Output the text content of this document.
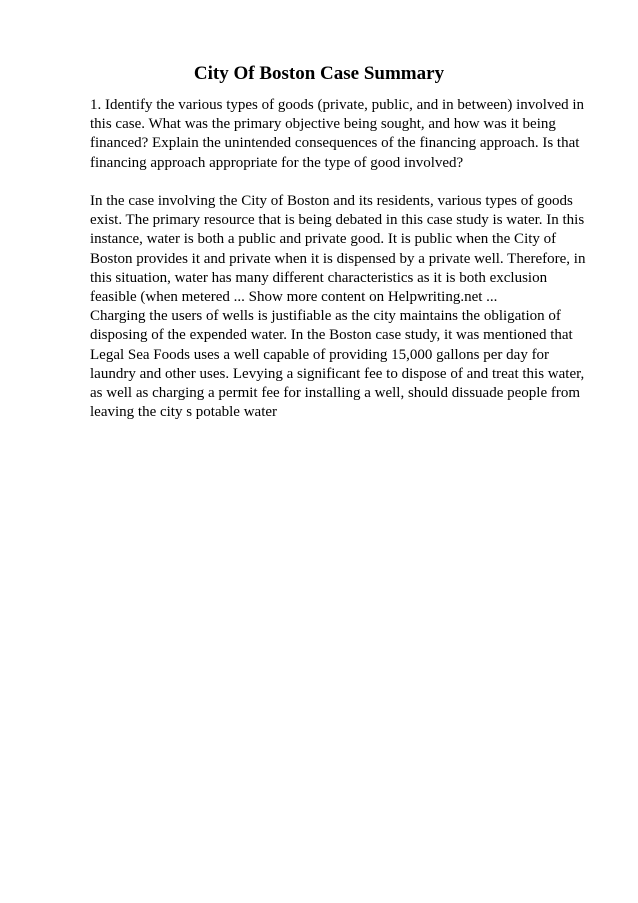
City Of Boston Case Summary

1. Identify the various types of goods (private, public, and in between) involved in this case. What was the primary objective being sought, and how was it being financed? Explain the unintended consequences of the financing approach. Is that financing approach appropriate for the type of good involved?

In the case involving the City of Boston and its residents, various types of goods exist. The primary resource that is being debated in this case study is water. In this instance, water is both a public and private good. It is public when the City of Boston provides it and private when it is dispensed by a private well. Therefore, in this situation, water has many different characteristics as it is both exclusion feasible (when metered ... Show more content on Helpwriting.net ...

Charging the users of wells is justifiable as the city maintains the obligation of disposing of the expended water. In the Boston case study, it was mentioned that Legal Sea Foods uses a well capable of providing 15,000 gallons per day for laundry and other uses. Levying a significant fee to dispose of and treat this water, as well as charging a permit fee for installing a well, should dissuade people from leaving the city s potable water
